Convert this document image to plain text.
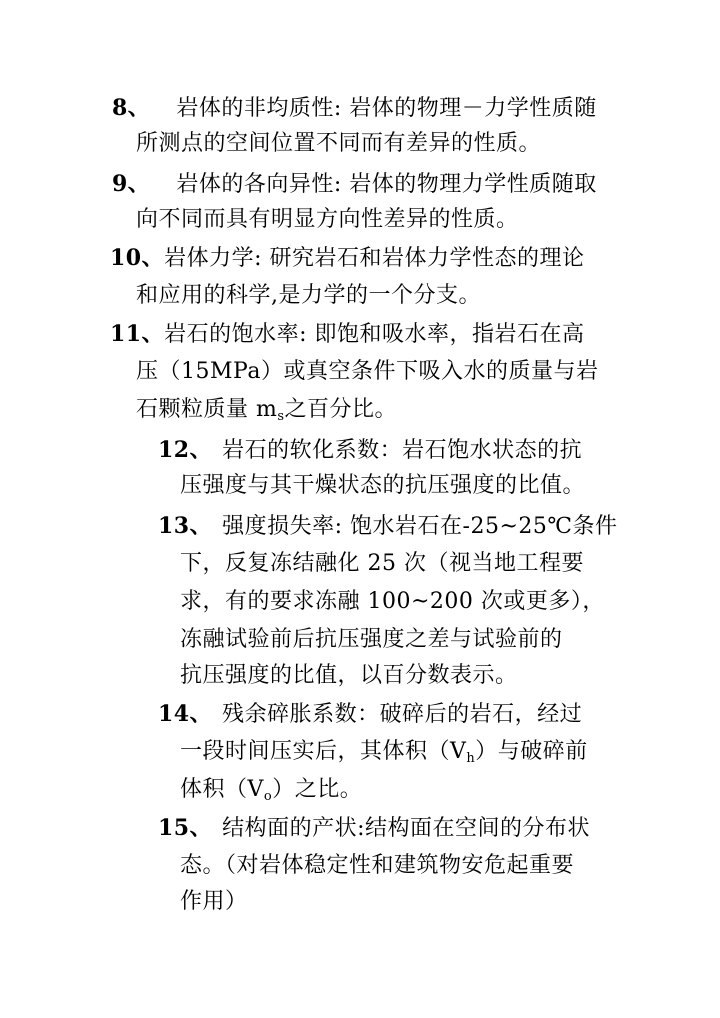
8、 岩体的非均质性: 岩体的物理－力学性质随
所测点的空间位置不同而有差异的性质。
9、 岩体的各向异性: 岩体的物理力学性质随取
向不同而具有明显方向性差异的性质。
10、岩体力学: 研究岩石和岩体力学性态的理论
和应用的科学,是力学的一个分支。
11、岩石的饱水率: 即饱和吸水率，指岩石在高
压（15MPa）或真空条件下吸入水的质量与岩
石颗粒质量 $m_s$之百分比。
12、 岩石的软化系数：岩石饱水状态的抗
压强度与其干燥状态的抗压强度的比值。
13、 强度损失率: 饱水岩石在-25~25℃条件
下，反复冻结融化 25 次（视当地工程要
求，有的要求冻融 100~200 次或更多），
冻融试验前后抗压强度之差与试验前的
抗压强度的比值，以百分数表示。
14、 残余碎胀系数：破碎后的岩石，经过
一段时间压实后，其体积$(V_h)$与破碎前
体积$(V_o)$之比。
15、 结构面的产状:结构面在空间的分布状
态。（对岩体稳定性和建筑物安危起重要
作用）
